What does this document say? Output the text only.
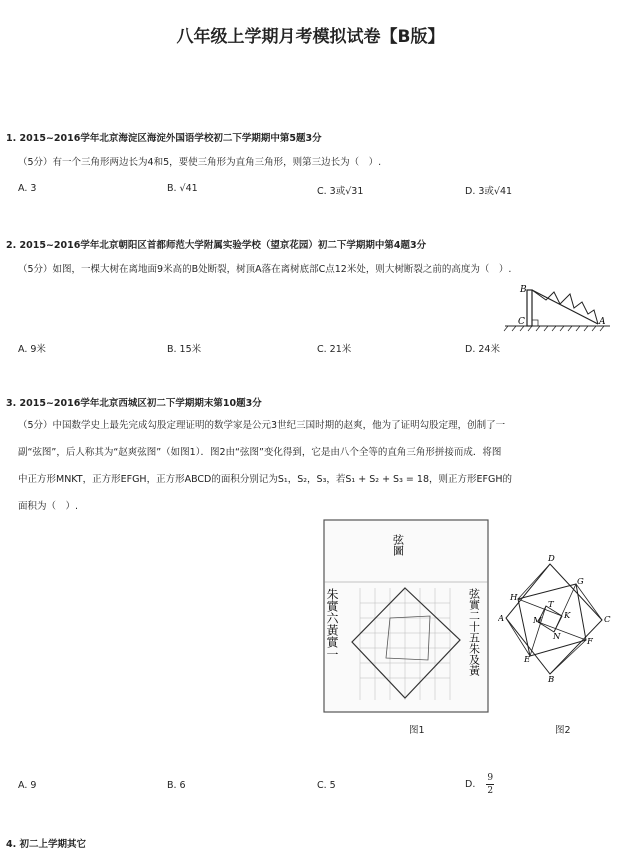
八年级上学期月考模拟试卷【B版】
1. 2015~2016学年北京海淀区海淀外国语学校初二下学期期中第5题3分
（5分）有一个三角形两边长为4和5，要使三角形为直角三角形，则第三边长为（　）.
A. 3	B. √41	C. 3或√31	D. 3或√41
2. 2015~2016学年北京朝阳区首都师范大学附属实验学校（望京花园）初二下学期期中第4题3分
（5分）如图，一棵大树在离地面9米高的B处断裂，树顶A落在离树底部C点12米处，则大树断裂之前的高度为（　）.
B
C	A
A. 9米	B. 15米	C. 21米	D. 24米
3. 2015~2016学年北京西城区初二下学期期末第10题3分
（5分）中国数学史上最先完成勾股定理证明的数学家是公元3世纪三国时期的赵爽，他为了证明勾股定理，创制了一
副“弦图”，后人称其为“赵爽弦图”（如图1）．图2由“弦图”变化得到，它是由八个全等的直角三角形拼接而成．将图
中正方形MNKT，正方形EFGH，正方形ABCD的面积分别记为S₁，S₂，S₃，若S₁ + S₂ + S₃ = 18，则正方形EFGH的
面积为（　）.
弦圖
朱實六黃實一	弦實二十五朱及黃
图1
D
G
H
T
A	M	K	C
N	F
E
B
图2
A. 9	B. 6	C. 5	D. $\frac{9}{2}$
4. 初二上学期其它
